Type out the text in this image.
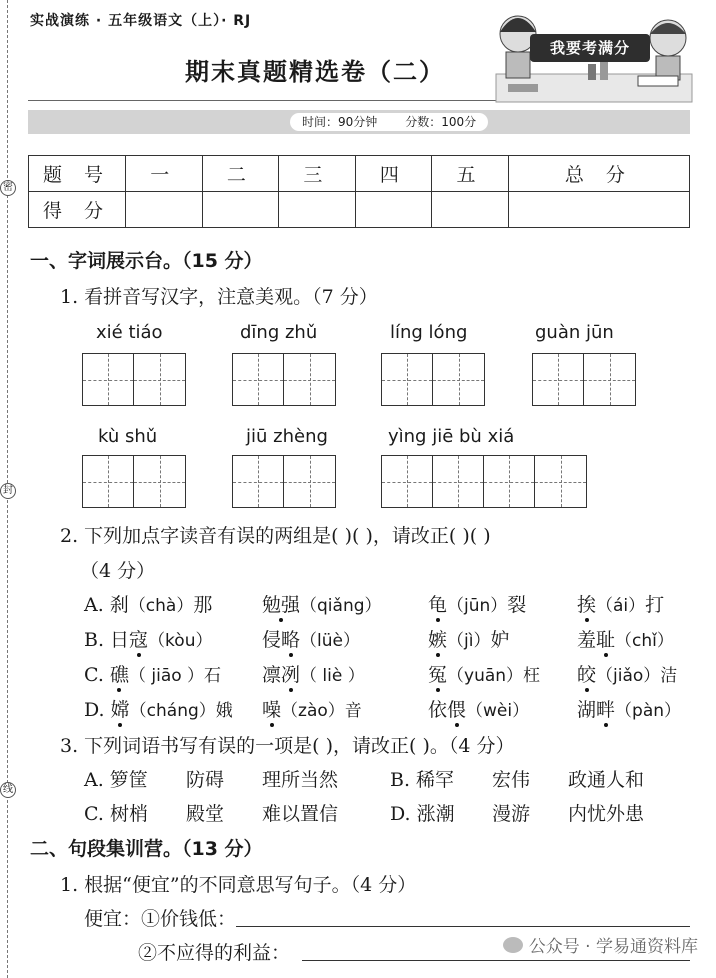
密
封
线
实战演练 · 五年级语文（上）· RJ
期末真题精选卷（二）
我要考满分
时间：90分钟 分数：100分
题 号	一	二	三	四	五	总 分
得 分						
一、字词展示台。（15 分）
1. 看拼音写汉字，注意美观。（7 分）
xié tiáo	dīng zhǔ	líng lóng	guàn jūn
kù shǔ	jiū zhèng	yìng jiē bù xiá
2. 下列加点字读音有误的两组是( )( )，请改正( )( )
（4 分）
A. 刹（chà）那	勉强（qiǎng） 龟（jūn）裂	挨（ái）打
B. 日寇（kòu）	侵略（lüè）	嫉（jì）妒	羞耻（chǐ）
C. 礁（ jiāo ）石 凛冽（ liè ）	冤（yuān）枉 皎（jiǎo）洁
D. 嫦（cháng）娥 噪（zào）音	依偎（wèi）	湖畔（pàn）
3. 下列词语书写有误的一项是( )，请改正( )。（4 分）
A. 箩筐 防碍 理所当然	B. 稀罕 宏伟 政通人和
C. 树梢 殿堂 难以置信	D. 涨潮 漫游 内忧外患
二、句段集训营。（13 分）
1. 根据“便宜”的不同意思写句子。（4 分）
便宜：①价钱低：
②不应得的利益：	公众号 · 学易通资料库
